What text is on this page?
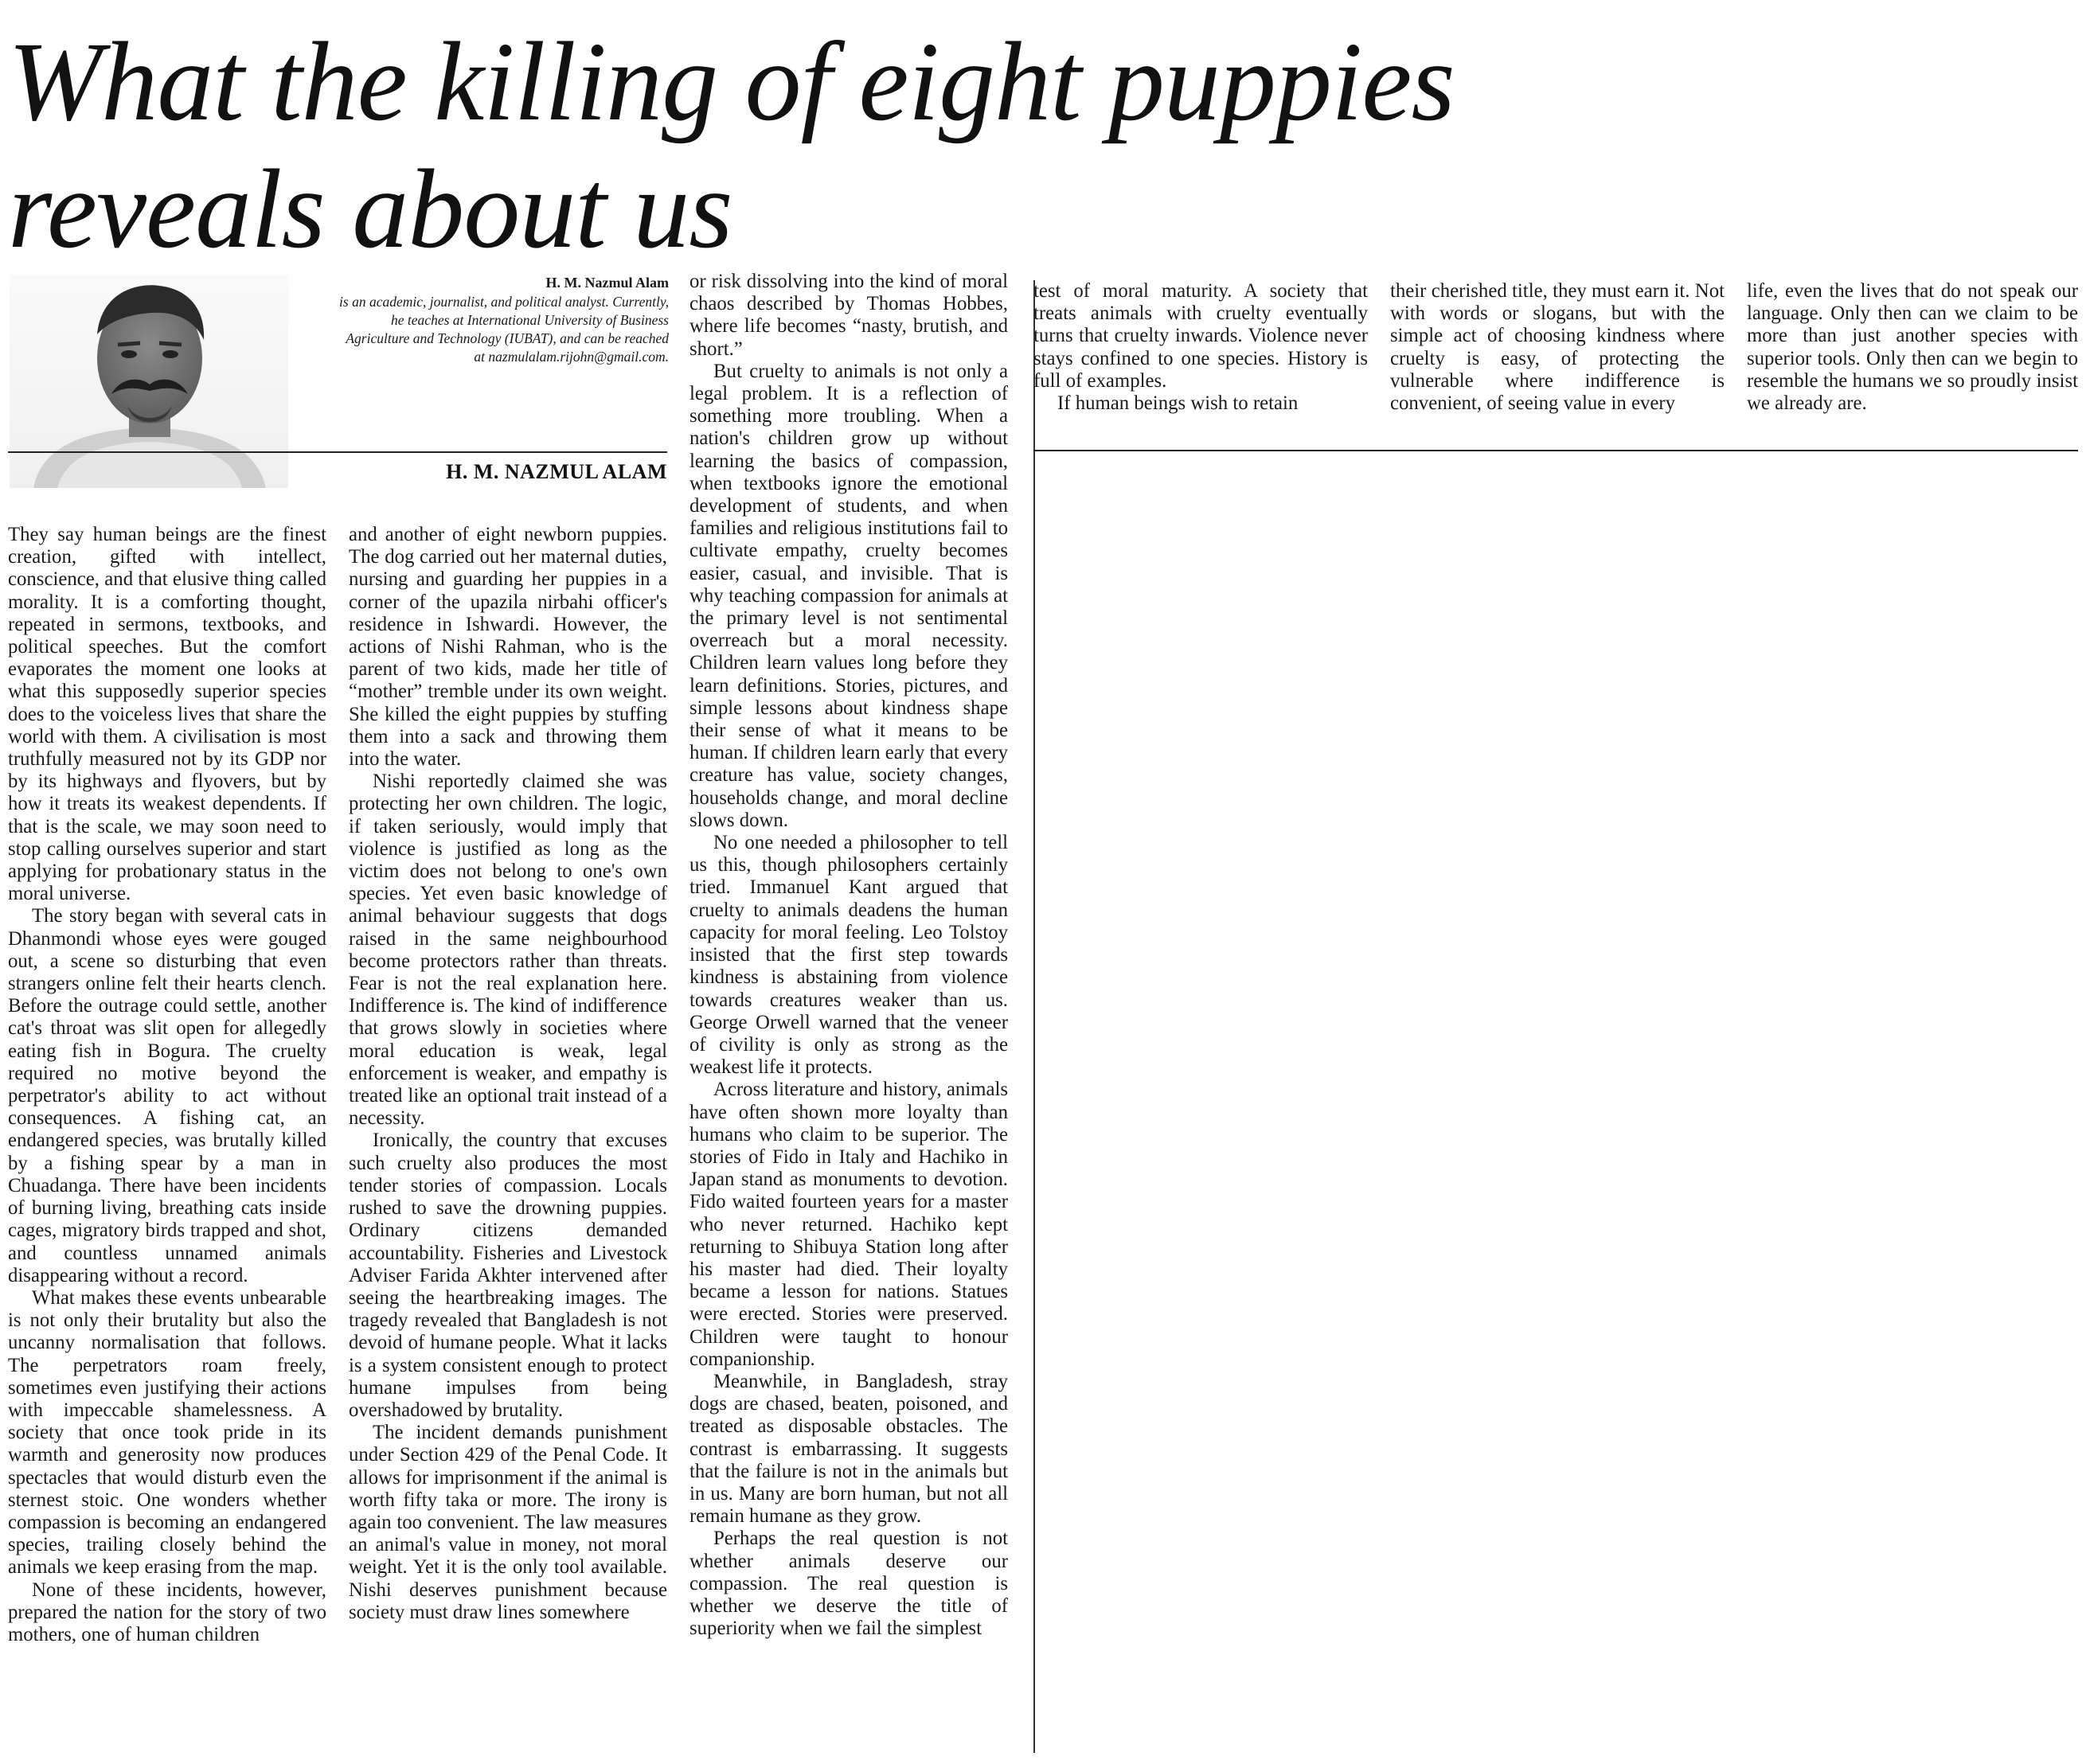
What the killing of eight puppies
reveals about us
H. M. Nazmul Alam
is an academic, journalist, and political analyst. Currently, he teaches at International University of Business Agriculture and Technology (IUBAT), and can be reached at nazmulalam.rijohn@gmail.com.
H. M. NAZMUL ALAM

They say human beings are the finest creation, gifted with intellect, conscience, and that elusive thing called morality. It is a comforting thought, repeated in sermons, textbooks, and political speeches. But the comfort evaporates the moment one looks at what this supposedly superior species does to the voiceless lives that share the world with them. A civilisation is most truthfully measured not by its GDP nor by its highways and flyovers, but by how it treats its weakest dependents. If that is the scale, we may soon need to stop calling ourselves superior and start applying for probationary status in the moral universe.

The story began with several cats in Dhanmondi whose eyes were gouged out, a scene so disturbing that even strangers online felt their hearts clench. Before the outrage could settle, another cat's throat was slit open for allegedly eating fish in Bogura. The cruelty required no motive beyond the perpetrator's ability to act without consequences. A fishing cat, an endangered species, was brutally killed by a fishing spear by a man in Chuadanga. There have been incidents of burning living, breathing cats inside cages, migratory birds trapped and shot, and countless unnamed animals disappearing without a record.

What makes these events unbearable is not only their brutality but also the uncanny normalisation that follows. The perpetrators roam freely, sometimes even justifying their actions with impeccable shamelessness. A society that once took pride in its warmth and generosity now produces spectacles that would disturb even the sternest stoic. One wonders whether compassion is becoming an endangered species, trailing closely behind the animals we keep erasing from the map.

None of these incidents, however, prepared the nation for the story of two mothers, one of human children

and another of eight newborn puppies. The dog carried out her maternal duties, nursing and guarding her puppies in a corner of the upazila nirbahi officer's residence in Ishwardi. However, the actions of Nishi Rahman, who is the parent of two kids, made her title of “mother” tremble under its own weight. She killed the eight puppies by stuffing them into a sack and throwing them into the water.

Nishi reportedly claimed she was protecting her own children. The logic, if taken seriously, would imply that violence is justified as long as the victim does not belong to one's own species. Yet even basic knowledge of animal behaviour suggests that dogs raised in the same neighbourhood become protectors rather than threats. Fear is not the real explanation here. Indifference is. The kind of indifference that grows slowly in societies where moral education is weak, legal enforcement is weaker, and empathy is treated like an optional trait instead of a necessity.

Ironically, the country that excuses such cruelty also produces the most tender stories of compassion. Locals rushed to save the drowning puppies. Ordinary citizens demanded accountability. Fisheries and Livestock Adviser Farida Akhter intervened after seeing the heartbreaking images. The tragedy revealed that Bangladesh is not devoid of humane people. What it lacks is a system consistent enough to protect humane impulses from being overshadowed by brutality.

The incident demands punishment under Section 429 of the Penal Code. It allows for imprisonment if the animal is worth fifty taka or more. The irony is again too convenient. The law measures an animal's value in money, not moral weight. Yet it is the only tool available. Nishi deserves punishment because society must draw lines somewhere

or risk dissolving into the kind of moral chaos described by Thomas Hobbes, where life becomes “nasty, brutish, and short.”

But cruelty to animals is not only a legal problem. It is a reflection of something more troubling. When a nation's children grow up without learning the basics of compassion, when textbooks ignore the emotional development of students, and when families and religious institutions fail to cultivate empathy, cruelty becomes easier, casual, and invisible. That is why teaching compassion for animals at the primary level is not sentimental overreach but a moral necessity. Children learn values long before they learn definitions. Stories, pictures, and simple lessons about kindness shape their sense of what it means to be human. If children learn early that every creature has value, society changes, households change, and moral decline slows down.

No one needed a philosopher to tell us this, though philosophers certainly tried. Immanuel Kant argued that cruelty to animals deadens the human capacity for moral feeling. Leo Tolstoy insisted that the first step towards kindness is abstaining from violence towards creatures weaker than us. George Orwell warned that the veneer of civility is only as strong as the weakest life it protects.

Across literature and history, animals have often shown more loyalty than humans who claim to be superior. The stories of Fido in Italy and Hachiko in Japan stand as monuments to devotion. Fido waited fourteen years for a master who never returned. Hachiko kept returning to Shibuya Station long after his master had died. Their loyalty became a lesson for nations. Statues were erected. Stories were preserved. Children were taught to honour companionship.

Meanwhile, in Bangladesh, stray dogs are chased, beaten, poisoned, and treated as disposable obstacles. The contrast is embarrassing. It suggests that the failure is not in the animals but in us. Many are born human, but not all remain humane as they grow.

Perhaps the real question is not whether animals deserve our compassion. The real question is whether we deserve the title of superiority when we fail the simplest

test of moral maturity. A society that treats animals with cruelty eventually turns that cruelty inwards. Violence never stays confined to one species. History is full of examples.

If human beings wish to retain

their cherished title, they must earn it. Not with words or slogans, but with the simple act of choosing kindness where cruelty is easy, of protecting the vulnerable where indifference is convenient, of seeing value in every

life, even the lives that do not speak our language. Only then can we claim to be more than just another species with superior tools. Only then can we begin to resemble the humans we so proudly insist we already are.
